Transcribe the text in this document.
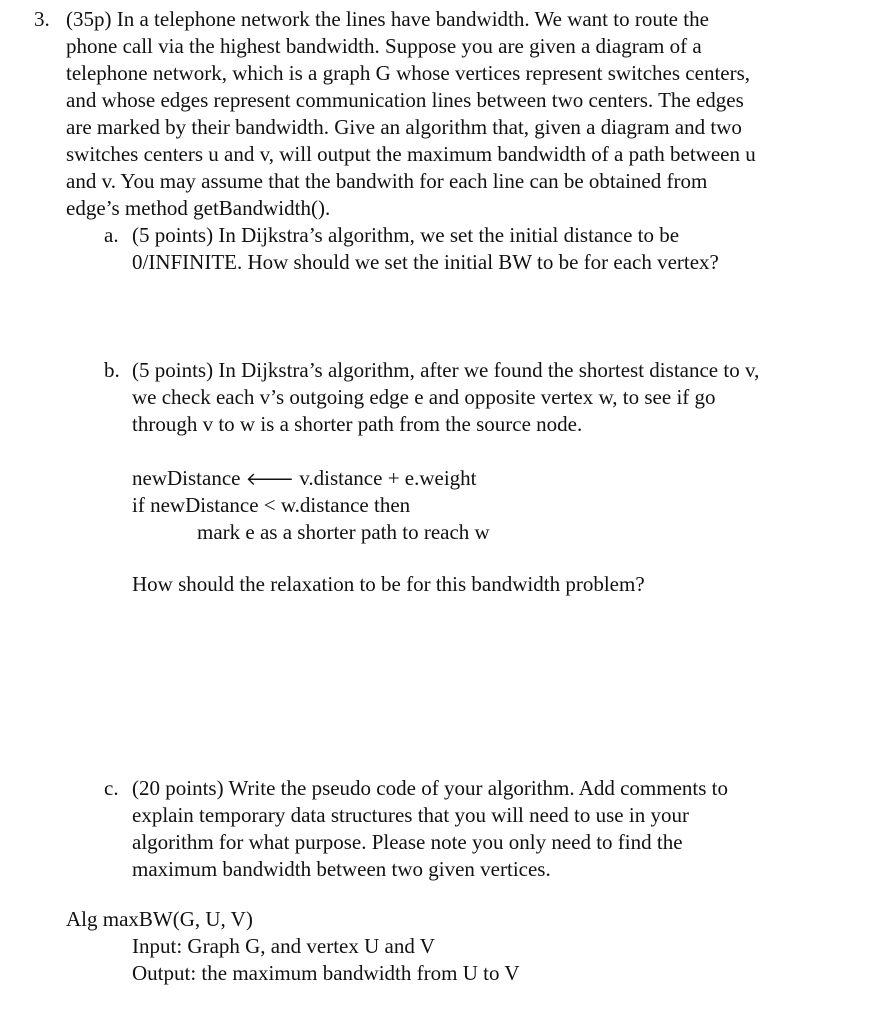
3. (35p) In a telephone network the lines have bandwidth. We want to route the
phone call via the highest bandwidth. Suppose you are given a diagram of a
telephone network, which is a graph G whose vertices represent switches centers,
and whose edges represent communication lines between two centers. The edges
are marked by their bandwidth. Give an algorithm that, given a diagram and two
switches centers u and v, will output the maximum bandwidth of a path between u
and v. You may assume that the bandwith for each line can be obtained from
edge’s method getBandwidth().
a. (5 points) In Dijkstra’s algorithm, we set the initial distance to be
0/INFINITE. How should we set the initial BW to be for each vertex?
b. (5 points) In Dijkstra’s algorithm, after we found the shortest distance to v,
we check each v’s outgoing edge e and opposite vertex w, to see if go
through v to w is a shorter path from the source node.
newDistance 🡐 v.distance + e.weight
if newDistance < w.distance then
mark e as a shorter path to reach w
How should the relaxation to be for this bandwidth problem?
c. (20 points) Write the pseudo code of your algorithm. Add comments to
explain temporary data structures that you will need to use in your
algorithm for what purpose. Please note you only need to find the
maximum bandwidth between two given vertices.
Alg maxBW(G, U, V)
Input: Graph G, and vertex U and V
Output: the maximum bandwidth from U to V
